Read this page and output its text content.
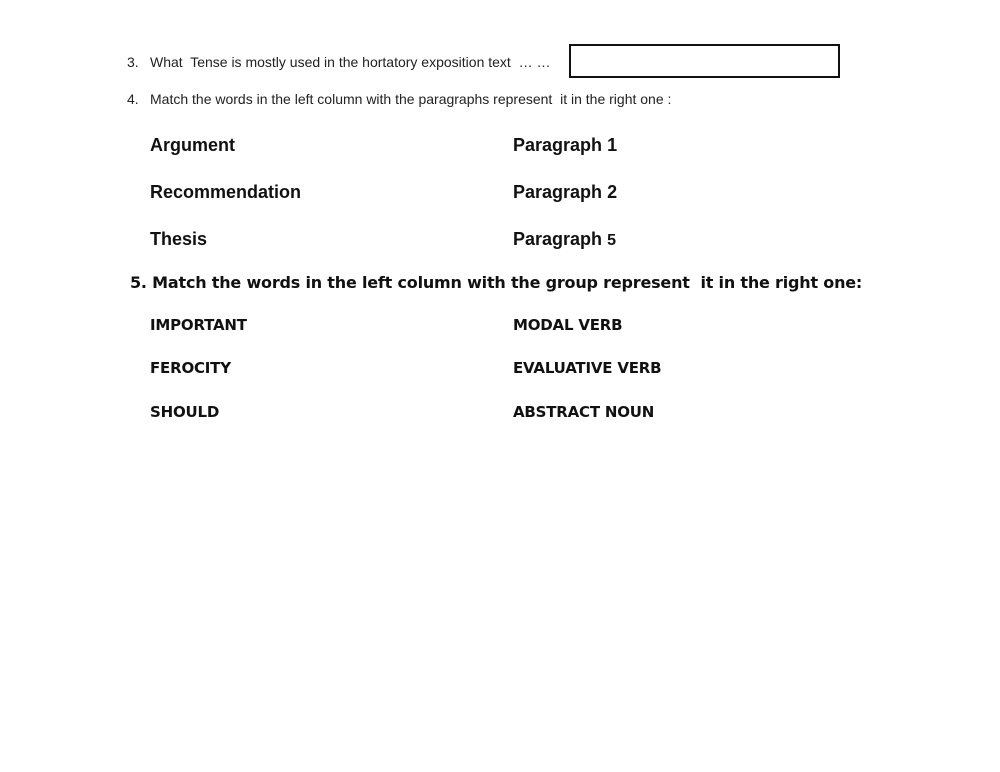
3. What  Tense is mostly used in the hortatory exposition text  … …
4. Match the words in the left column with the paragraphs represent  it in the right one :
Argument
Recommendation
Thesis
Paragraph 1
Paragraph 2
Paragraph 5
5. Match the words in the left column with the group represent  it in the right one:
IMPORTANT
FEROCITY
SHOULD
MODAL VERB
EVALUATIVE VERB
ABSTRACT NOUN
